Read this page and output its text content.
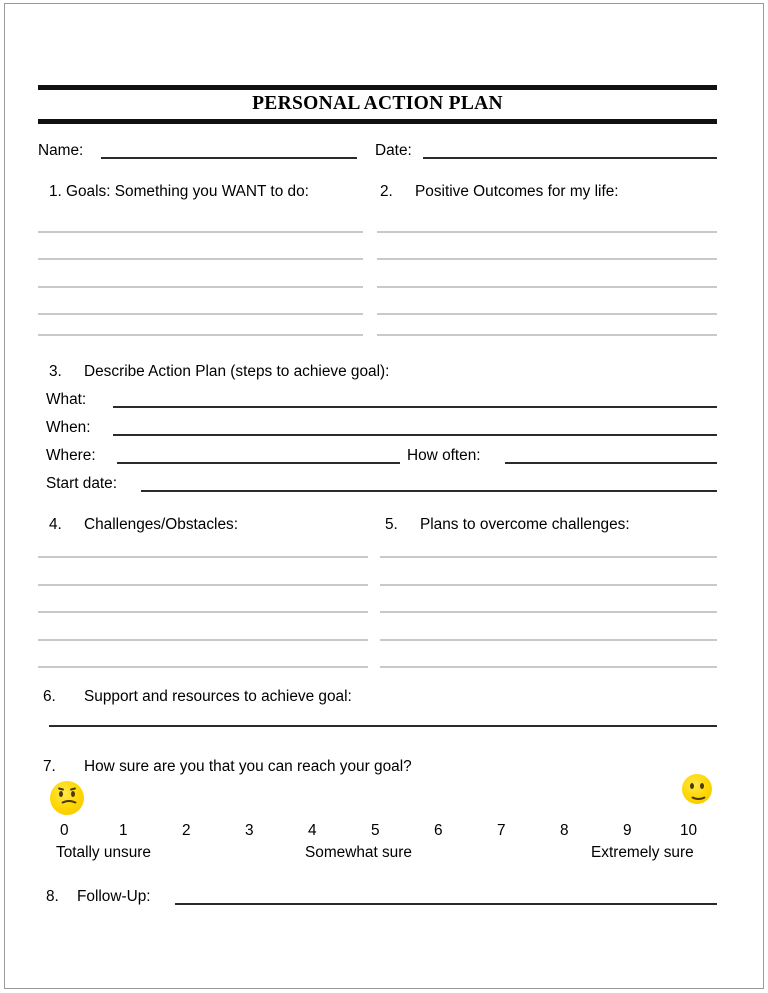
PERSONAL ACTION PLAN
Name:	Date:
1. Goals: Something you WANT to do:	2. Positive Outcomes for my life:
3. Describe Action Plan (steps to achieve goal):
What:
When:
Where:	How often:
Start date:
4. Challenges/Obstacles:	5. Plans to overcome challenges:
6. Support and resources to achieve goal:
7. How sure are you that you can reach your goal?
0	1	2	3	4	5	6	7	8	9	10
Totally unsure	Somewhat sure	Extremely sure
8. Follow-Up:
